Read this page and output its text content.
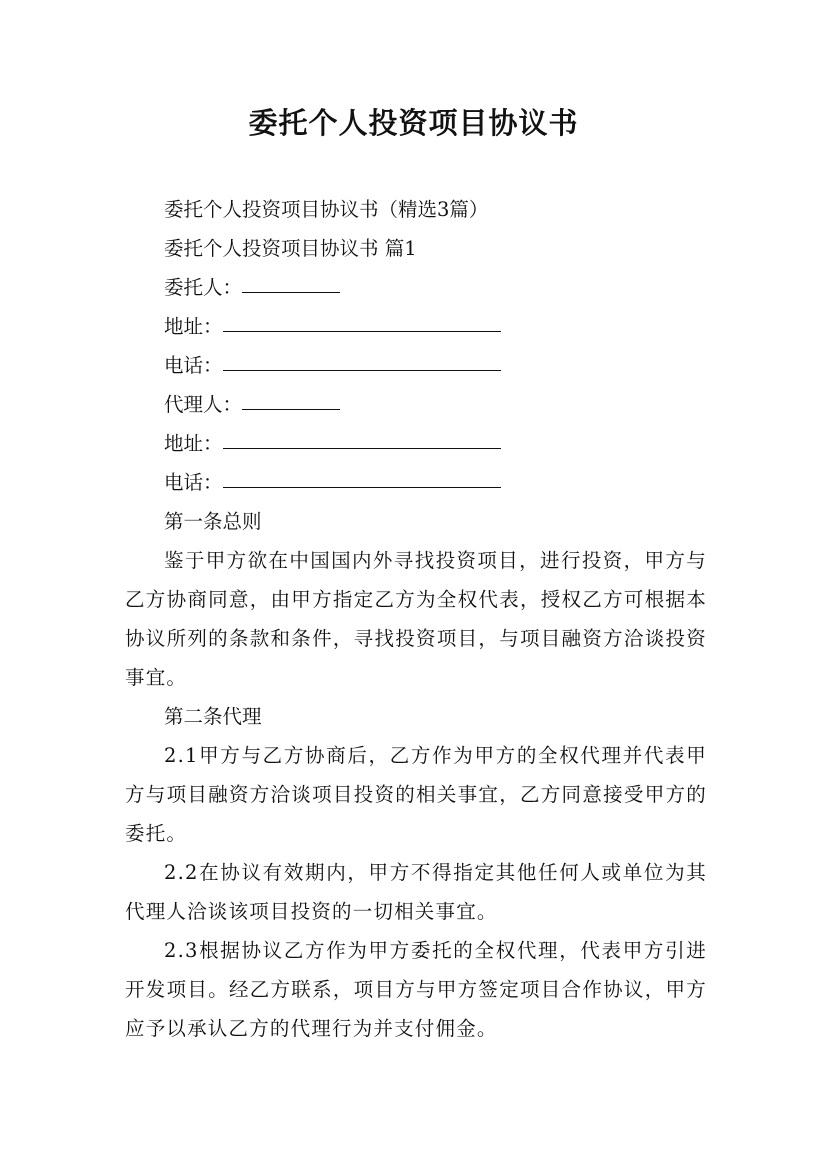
委托个人投资项目协议书
委托个人投资项目协议书（精选3篇）
委托个人投资项目协议书 篇1
委托人：
地址：
电话：
代理人：
地址：
电话：
第一条总则
鉴于甲方欲在中国国内外寻找投资项目，进行投资，甲方与乙方协商同意，由甲方指定乙方为全权代表，授权乙方可根据本协议所列的条款和条件，寻找投资项目，与项目融资方洽谈投资事宜。
第二条代理
2.1甲方与乙方协商后，乙方作为甲方的全权代理并代表甲方与项目融资方洽谈项目投资的相关事宜，乙方同意接受甲方的委托。
2.2在协议有效期内，甲方不得指定其他任何人或单位为其代理人洽谈该项目投资的一切相关事宜。
2.3根据协议乙方作为甲方委托的全权代理，代表甲方引进开发项目。经乙方联系，项目方与甲方签定项目合作协议，甲方应予以承认乙方的代理行为并支付佣金。
